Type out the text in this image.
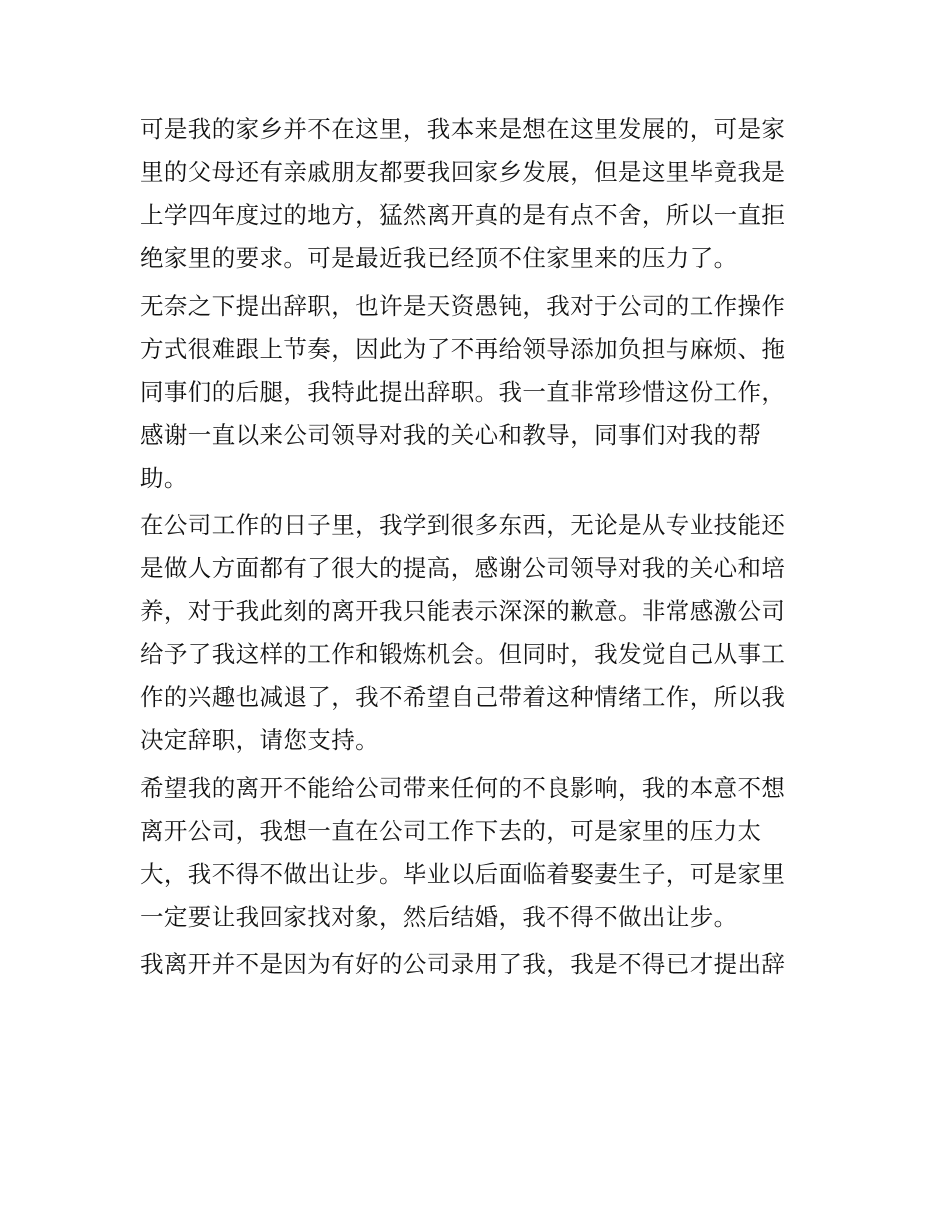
可是我的家乡并不在这里，我本来是想在这里发展的，可是家
里的父母还有亲戚朋友都要我回家乡发展，但是这里毕竟我是
上学四年度过的地方，猛然离开真的是有点不舍，所以一直拒
绝家里的要求。可是最近我已经顶不住家里来的压力了。
无奈之下提出辞职，也许是天资愚钝，我对于公司的工作操作
方式很难跟上节奏，因此为了不再给领导添加负担与麻烦、拖
同事们的后腿，我特此提出辞职。我一直非常珍惜这份工作，
感谢一直以来公司领导对我的关心和教导，同事们对我的帮
助。
在公司工作的日子里，我学到很多东西，无论是从专业技能还
是做人方面都有了很大的提高，感谢公司领导对我的关心和培
养，对于我此刻的离开我只能表示深深的歉意。非常感激公司
给予了我这样的工作和锻炼机会。但同时，我发觉自己从事工
作的兴趣也减退了，我不希望自己带着这种情绪工作，所以我
决定辞职，请您支持。
希望我的离开不能给公司带来任何的不良影响，我的本意不想
离开公司，我想一直在公司工作下去的，可是家里的压力太
大，我不得不做出让步。毕业以后面临着娶妻生子，可是家里
一定要让我回家找对象，然后结婚，我不得不做出让步。
我离开并不是因为有好的公司录用了我，我是不得已才提出辞
